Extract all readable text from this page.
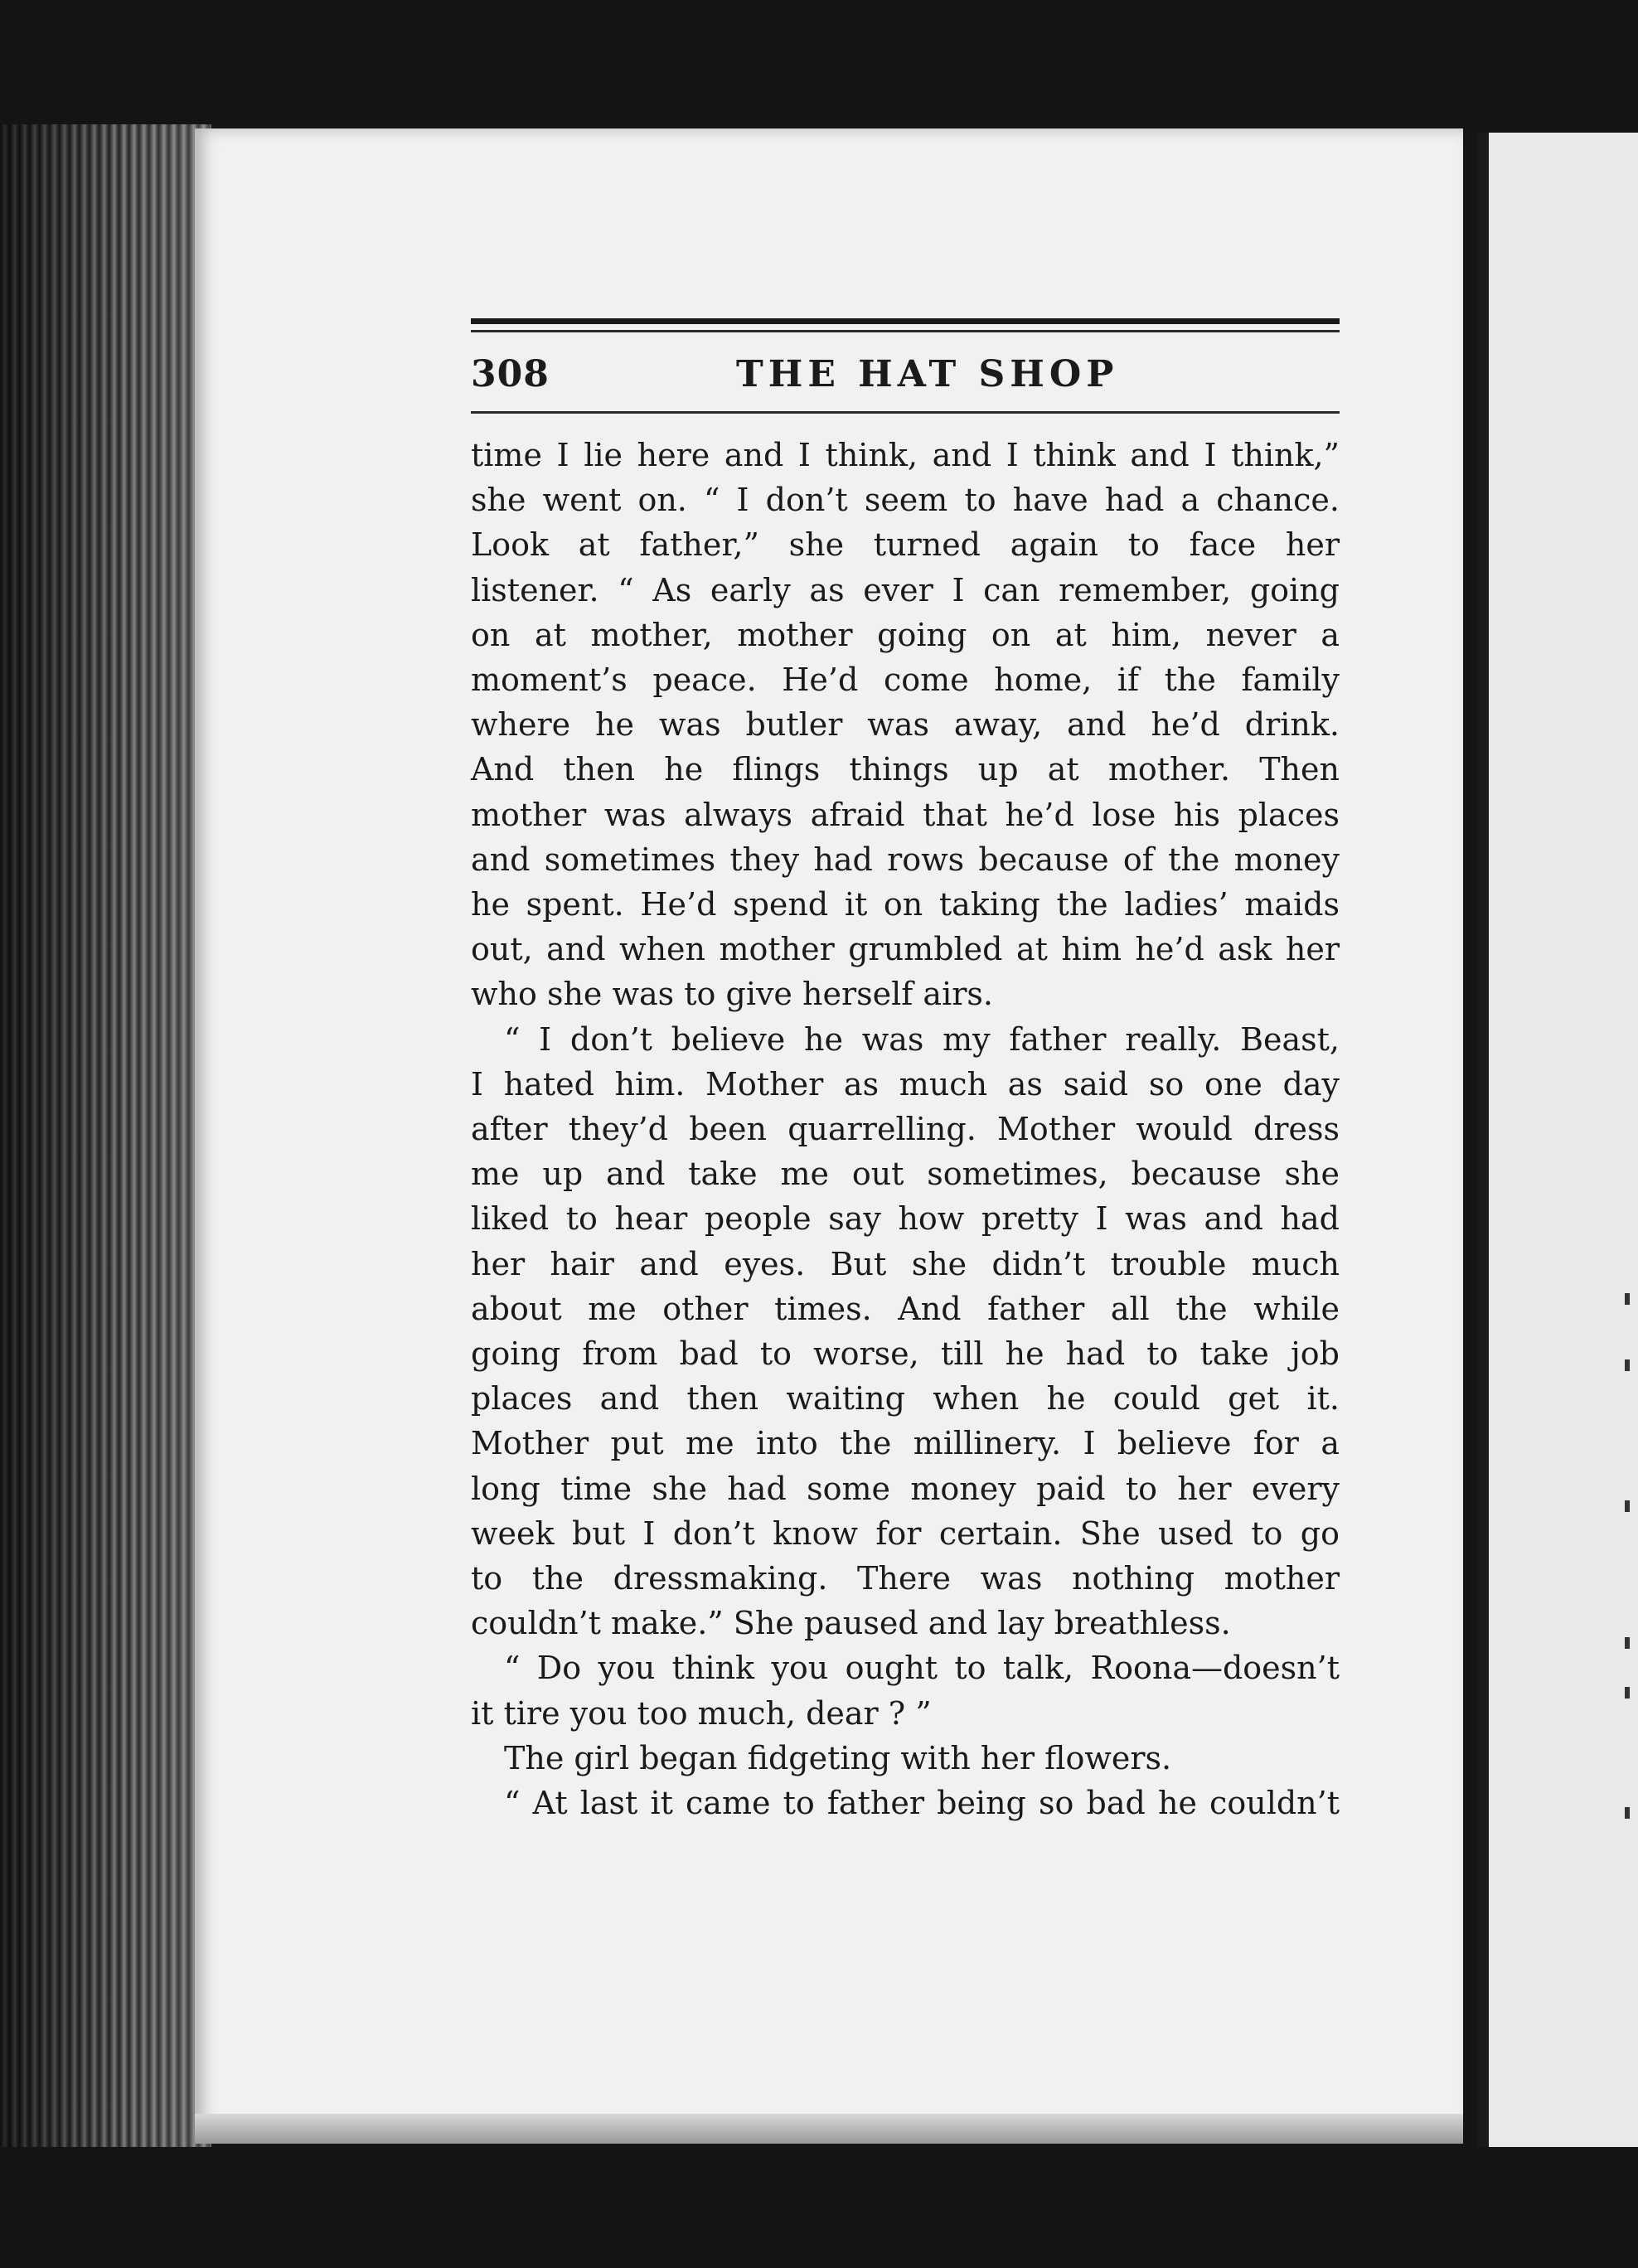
308	THE HAT SHOP
time I lie here and I think, and I think and I think,”
she went on. “ I don’t seem to have had a chance.
Look at father,” she turned again to face her
listener. “ As early as ever I can remember, going
on at mother, mother going on at him, never a
moment’s peace. He’d come home, if the family
where he was butler was away, and he’d drink.
And then he flings things up at mother. Then
mother was always afraid that he’d lose his places
and sometimes they had rows because of the money
he spent. He’d spend it on taking the ladies’ maids
out, and when mother grumbled at him he’d ask her
who she was to give herself airs.
“ I don’t believe he was my father really. Beast,
I hated him. Mother as much as said so one day
after they’d been quarrelling. Mother would dress
me up and take me out sometimes, because she
liked to hear people say how pretty I was and had
her hair and eyes. But she didn’t trouble much
about me other times. And father all the while
going from bad to worse, till he had to take job
places and then waiting when he could get it.
Mother put me into the millinery. I believe for a
long time she had some money paid to her every
week but I don’t know for certain. She used to go
to the dressmaking. There was nothing mother
couldn’t make.” She paused and lay breathless.
“ Do you think you ought to talk, Roona—doesn’t
it tire you too much, dear ? ”
The girl began fidgeting with her flowers.
“ At last it came to father being so bad he couldn’t
